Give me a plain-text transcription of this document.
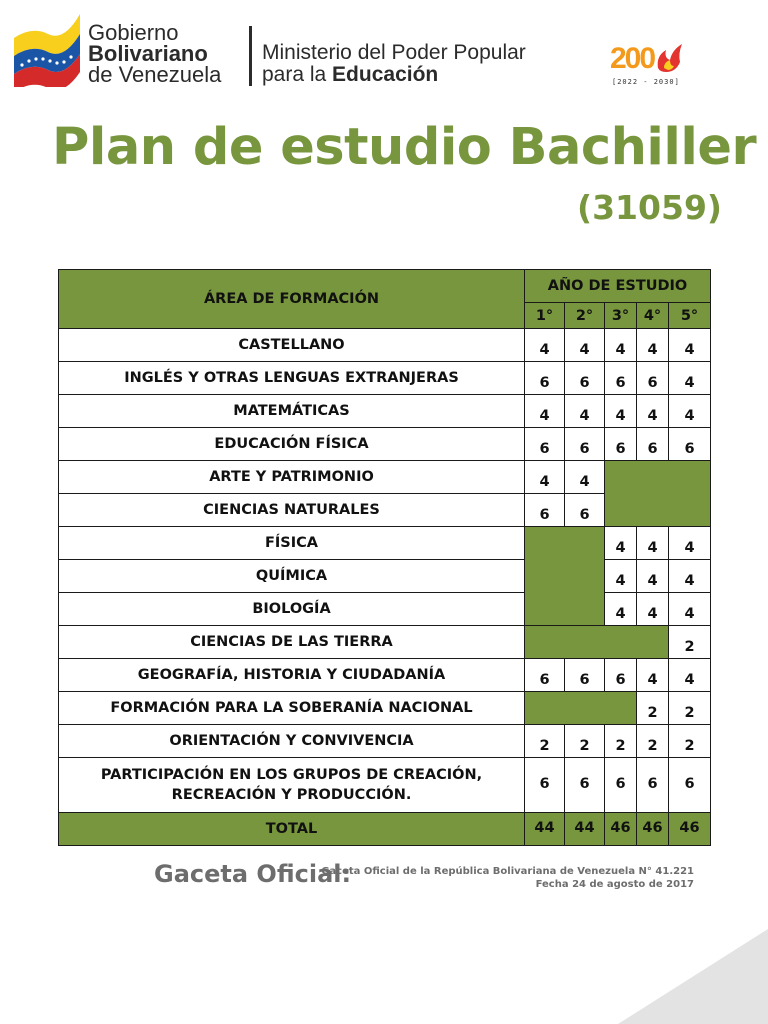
Gobierno
Bolivariano
de Venezuela
Ministerio del Poder Popular
para la Educación	200
[2022 - 2030]
Plan de estudio Bachiller
(31059)
ÁREA DE FORMACIÓN	AÑO DE ESTUDIO				
	1°	2°	3°	4°	5°
CASTELLANO	4	4	4	4	4
INGLÉS Y OTRAS LENGUAS EXTRANJERAS	6	6	6	6	4
MATEMÁTICAS	4	4	4	4	4
EDUCACIÓN FÍSICA	6	6	6	6	6
ARTE Y PATRIMONIO	4	4			
CIENCIAS NATURALES	6	6			
FÍSICA			4	4	4
QUÍMICA			4	4	4
BIOLOGÍA			4	4	4
CIENCIAS DE LAS TIERRA					2
GEOGRAFÍA, HISTORIA Y CIUDADANÍA	6	6	6	4	4
FORMACIÓN PARA LA SOBERANÍA NACIONAL				2	2
ORIENTACIÓN Y CONVIVENCIA	2	2	2	2	2

PARTICIPACIÓN EN LOS GRUPOS DE CREACIÓN,
RECREACIÓN Y PRODUCCIÓN.	6	6	6	6	6
TOTAL	44	44	46	46	46
Gaceta Oficial:
Gaceta Oficial de la República Bolivariana de Venezuela N° 41.221
Fecha 24 de agosto de 2017
